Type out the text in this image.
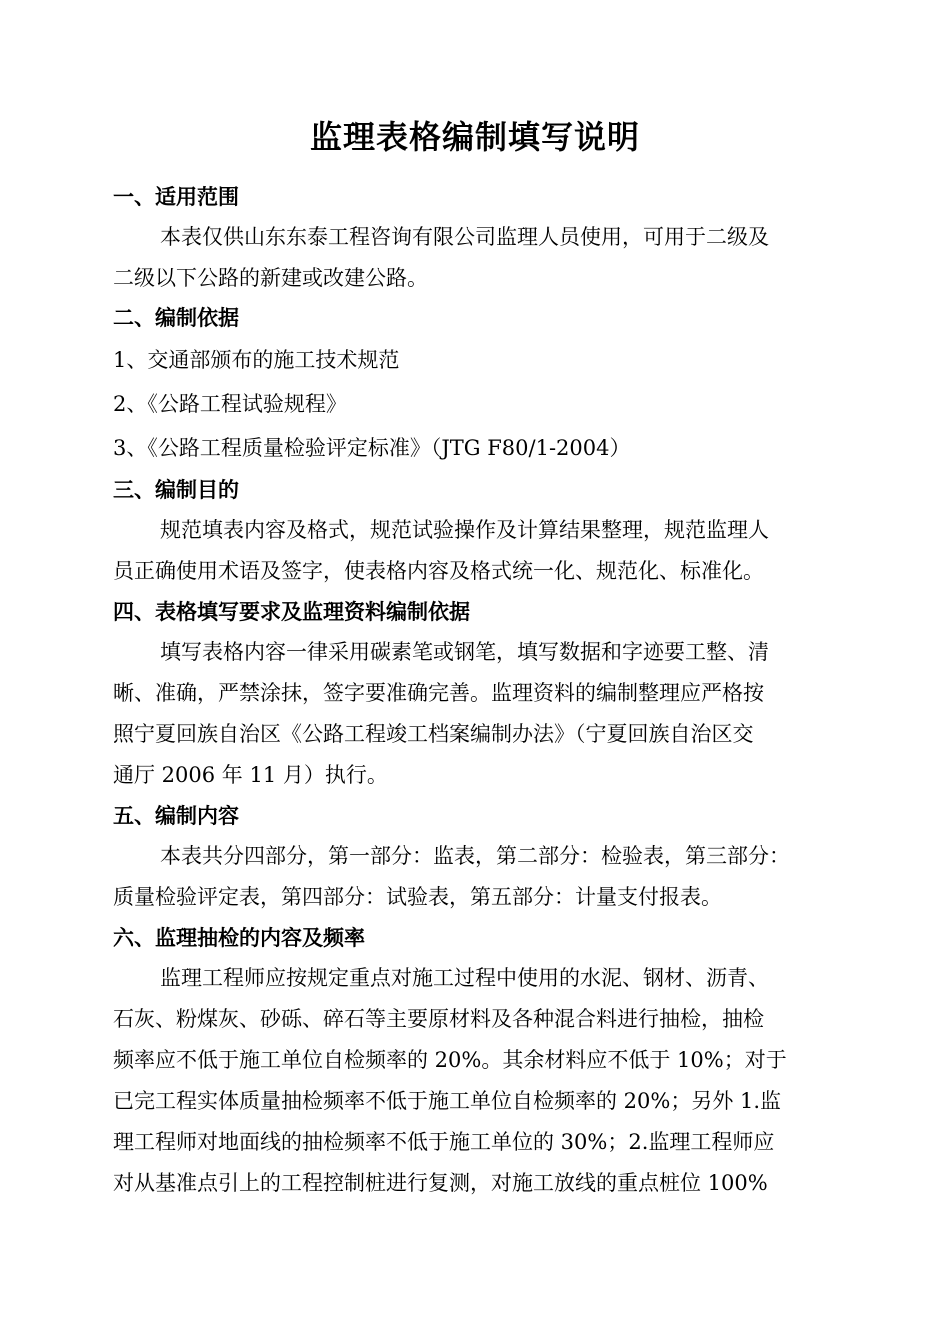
监理表格编制填写说明
一、适用范围
本表仅供山东东泰工程咨询有限公司监理人员使用，可用于二级及
二级以下公路的新建或改建公路。
二、编制依据
1、交通部颁布的施工技术规范
2、《公路工程试验规程》
3、《公路工程质量检验评定标准》（JTG F80/1-2004）
三、编制目的
规范填表内容及格式，规范试验操作及计算结果整理，规范监理人
员正确使用术语及签字，使表格内容及格式统一化、规范化、标准化。
四、表格填写要求及监理资料编制依据
填写表格内容一律采用碳素笔或钢笔，填写数据和字迹要工整、清
晰、准确，严禁涂抹，签字要准确完善。监理资料的编制整理应严格按
照宁夏回族自治区《公路工程竣工档案编制办法》（宁夏回族自治区交
通厅 2006 年 11 月）执行。
五、编制内容
本表共分四部分，第一部分：监表，第二部分：检验表，第三部分：
质量检验评定表，第四部分：试验表，第五部分：计量支付报表。
六、监理抽检的内容及频率
监理工程师应按规定重点对施工过程中使用的水泥、钢材、沥青、
石灰、粉煤灰、砂砾、碎石等主要原材料及各种混合料进行抽检，抽检
频率应不低于施工单位自检频率的 20%。其余材料应不低于 10%；对于
已完工程实体质量抽检频率不低于施工单位自检频率的 20%；另外 1.监
理工程师对地面线的抽检频率不低于施工单位的 30%；2.监理工程师应
对从基准点引上的工程控制桩进行复测，对施工放线的重点桩位 100%
